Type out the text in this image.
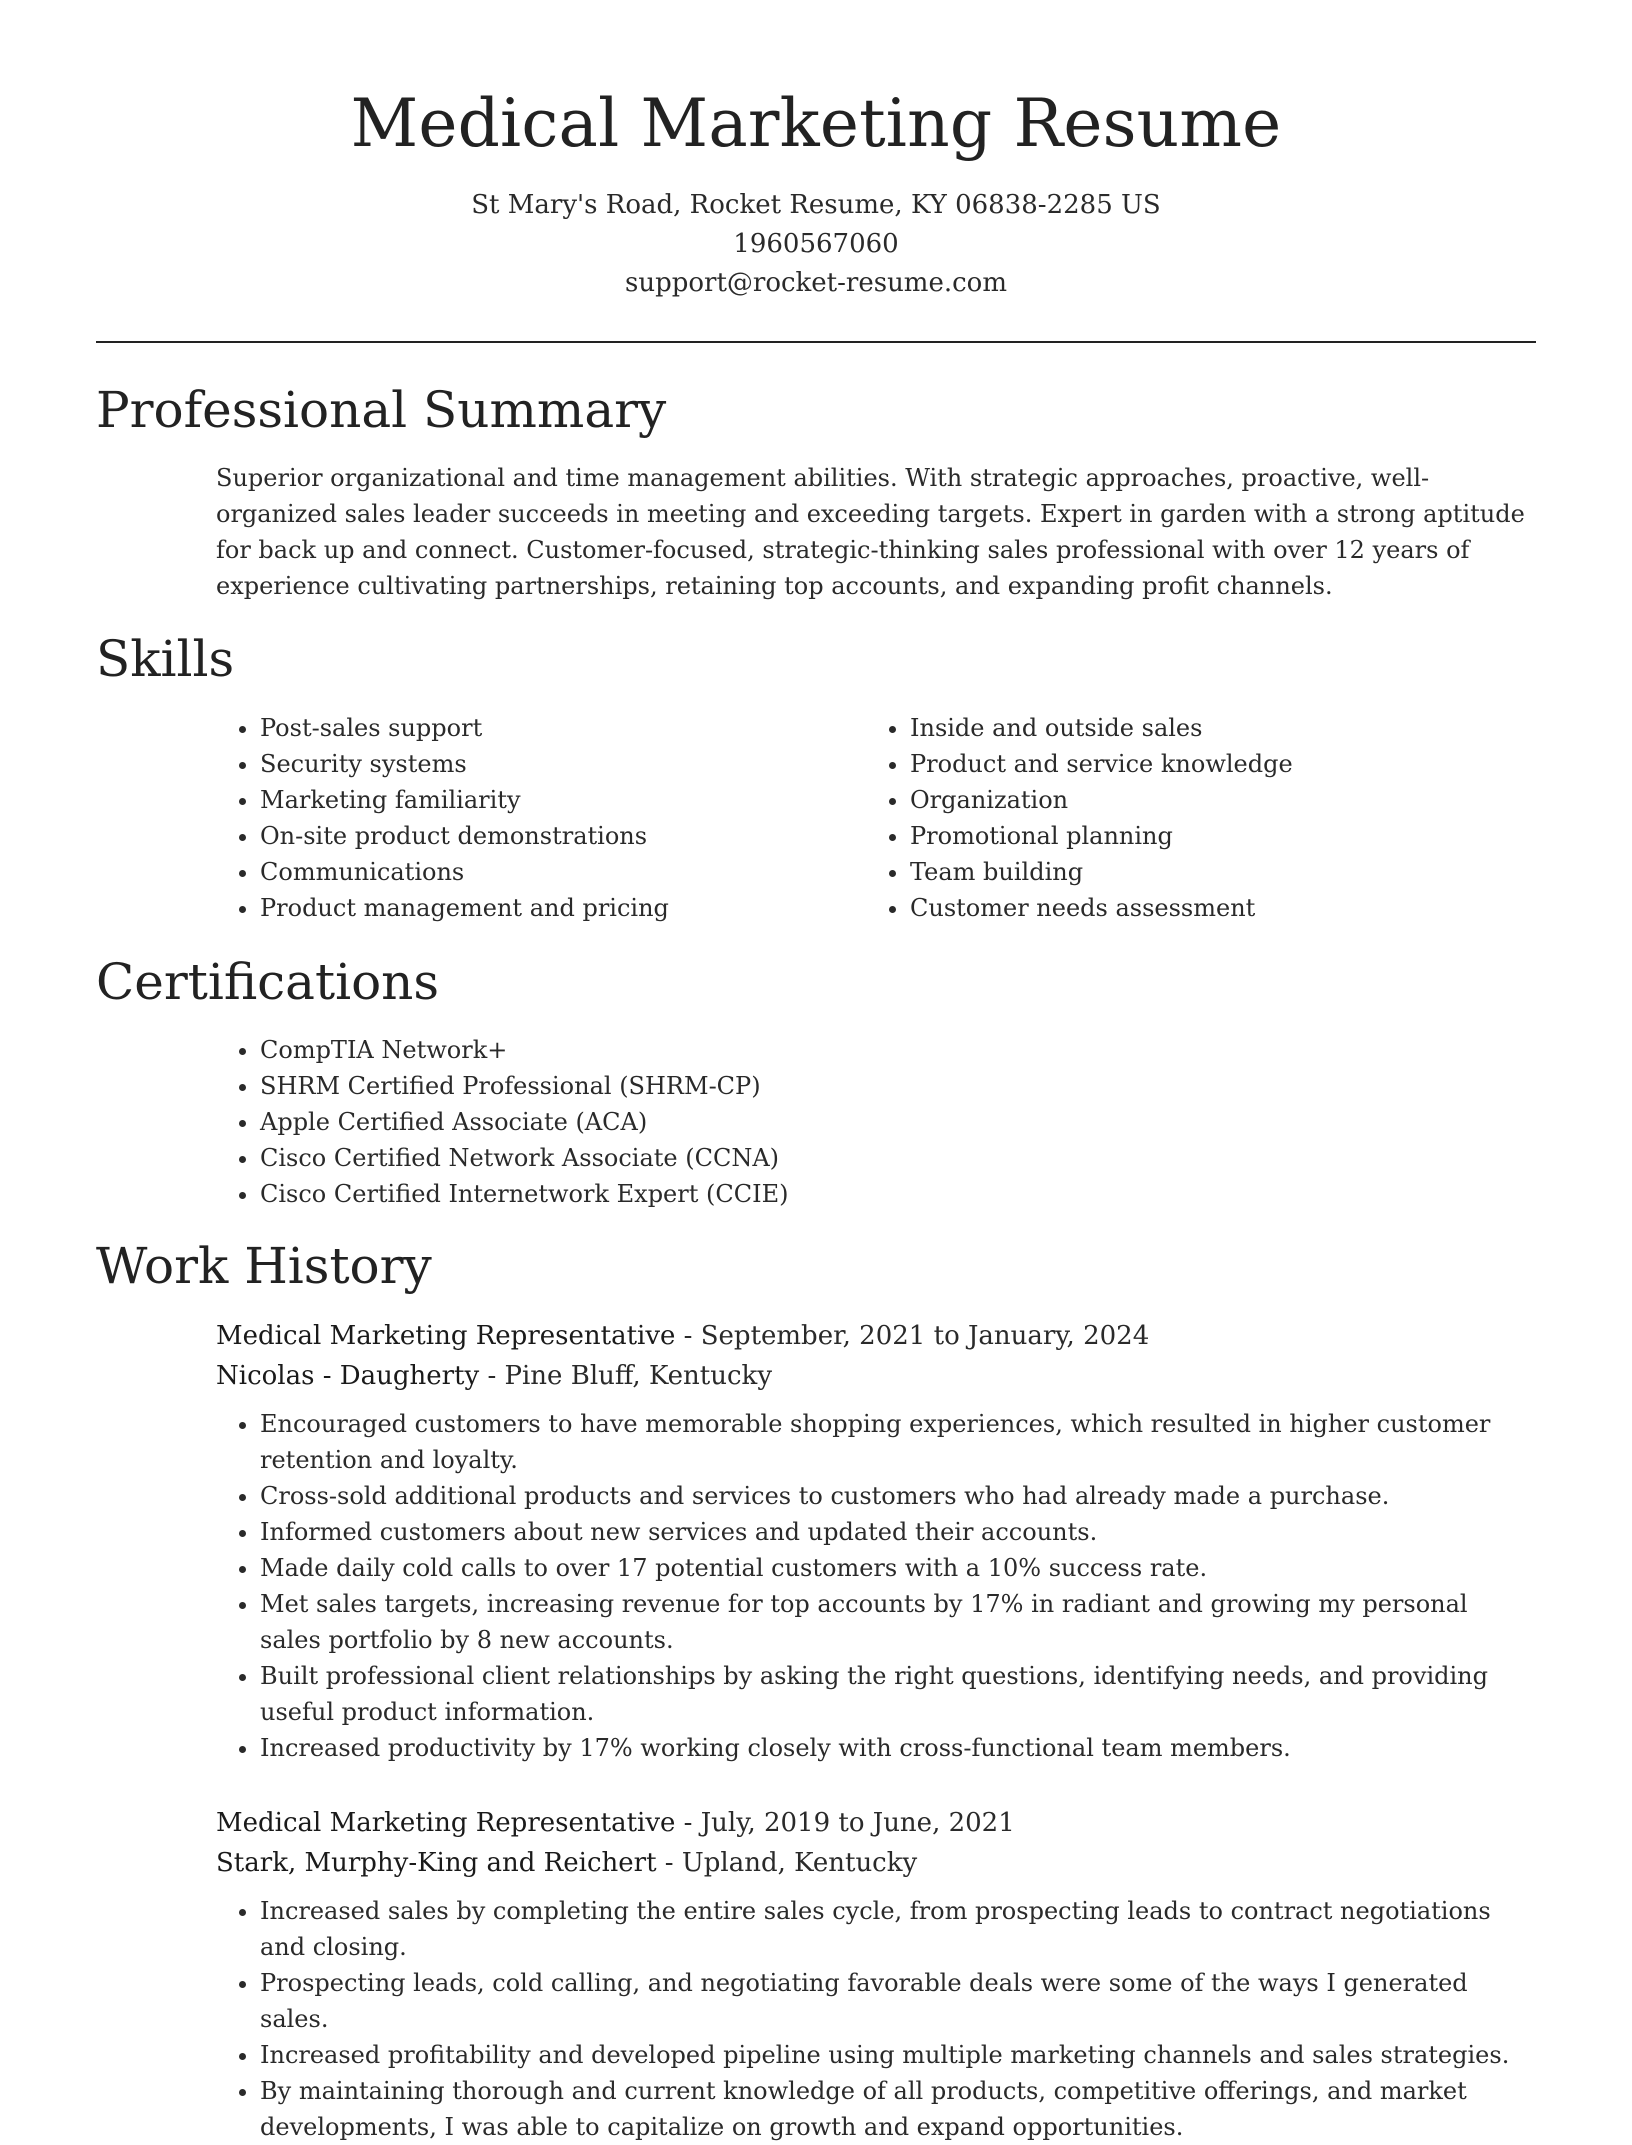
Medical Marketing Resume
St Mary's Road, Rocket Resume, KY 06838-2285 US
1960567060
support@rocket-resume.com
Professional Summary

Superior organizational and time management abilities. With strategic approaches, proactive, well-organized sales leader succeeds in meeting and exceeding targets. Expert in garden with a strong aptitude for back up and connect. Customer-focused, strategic-thinking sales professional with over 12 years of experience cultivating partnerships, retaining top accounts, and expanding profit channels.

Skills
• Post-sales support
• Security systems
• Marketing familiarity
• On-site product demonstrations
• Communications
• Product management and pricing
• Inside and outside sales
• Product and service knowledge
• Organization
• Promotional planning
• Team building
• Customer needs assessment
Certifications
• CompTIA Network+
• SHRM Certified Professional (SHRM-CP)
• Apple Certified Associate (ACA)
• Cisco Certified Network Associate (CCNA)
• Cisco Certified Internetwork Expert (CCIE)
Work History
Medical Marketing Representative - September, 2021 to January, 2024
Nicolas - Daugherty - Pine Bluff, Kentucky
• Encouraged customers to have memorable shopping experiences, which resulted in higher customer retention and loyalty.
• Cross-sold additional products and services to customers who had already made a purchase.
• Informed customers about new services and updated their accounts.
• Made daily cold calls to over 17 potential customers with a 10% success rate.
• Met sales targets, increasing revenue for top accounts by 17% in radiant and growing my personal sales portfolio by 8 new accounts.
• Built professional client relationships by asking the right questions, identifying needs, and providing useful product information.
• Increased productivity by 17% working closely with cross-functional team members.
Medical Marketing Representative - July, 2019 to June, 2021
Stark, Murphy-King and Reichert - Upland, Kentucky
• Increased sales by completing the entire sales cycle, from prospecting leads to contract negotiations and closing.
• Prospecting leads, cold calling, and negotiating favorable deals were some of the ways I generated sales.
• Increased profitability and developed pipeline using multiple marketing channels and sales strategies.
• By maintaining thorough and current knowledge of all products, competitive offerings, and market developments, I was able to capitalize on growth and expand opportunities.
